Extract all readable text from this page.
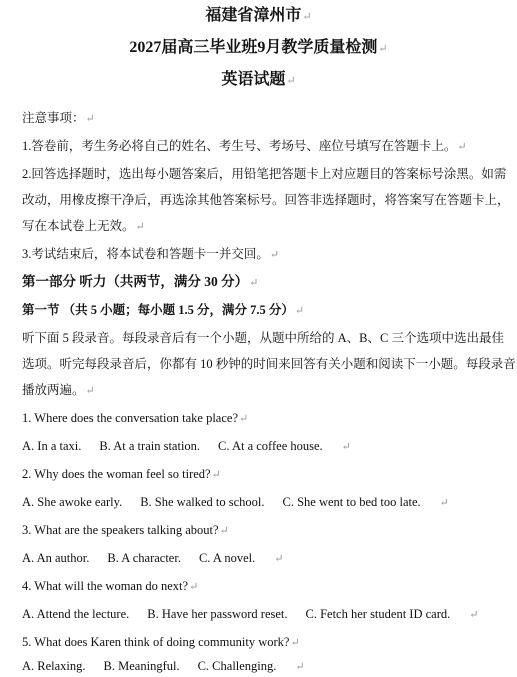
福建省漳州市↵
2027届高三毕业班9月教学质量检测↵
英语试题↵
注意事项：↵
1.答卷前，考生务必将自己的姓名、考生号、考场号、座位号填写在答题卡上。↵
2.回答选择题时，选出每小题答案后，用铅笔把答题卡上对应题目的答案标号涂黑。如需
改动，用橡皮擦干净后，再选涂其他答案标号。回答非选择题时，将答案写在答题卡上，
写在本试卷上无效。↵
3.考试结束后，将本试卷和答题卡一并交回。↵
第一部分 听力（共两节，满分 30 分）↵
第一节 （共 5 小题；每小题 1.5 分，满分 7.5 分）↵
听下面 5 段录音。每段录音后有一个小题，从题中所给的 A、B、C 三个选项中选出最佳
选项。听完每段录音后，你都有 10 秒钟的时间来回答有关小题和阅读下一小题。每段录音
播放两遍。↵
1. Where does the conversation take place?↵
A. In a taxi. B. At a train station. C. At a coffee house. ↵
2. Why does the woman feel so tired?↵
A. She awoke early. B. She walked to school. C. She went to bed too late. ↵
3. What are the speakers talking about?↵
A. An author. B. A character. C. A novel. ↵
4. What will the woman do next?↵
A. Attend the lecture. B. Have her password reset. C. Fetch her student ID card. ↵
5. What does Karen think of doing community work?↵
A. Relaxing. B. Meaningful. C. Challenging. ↵
